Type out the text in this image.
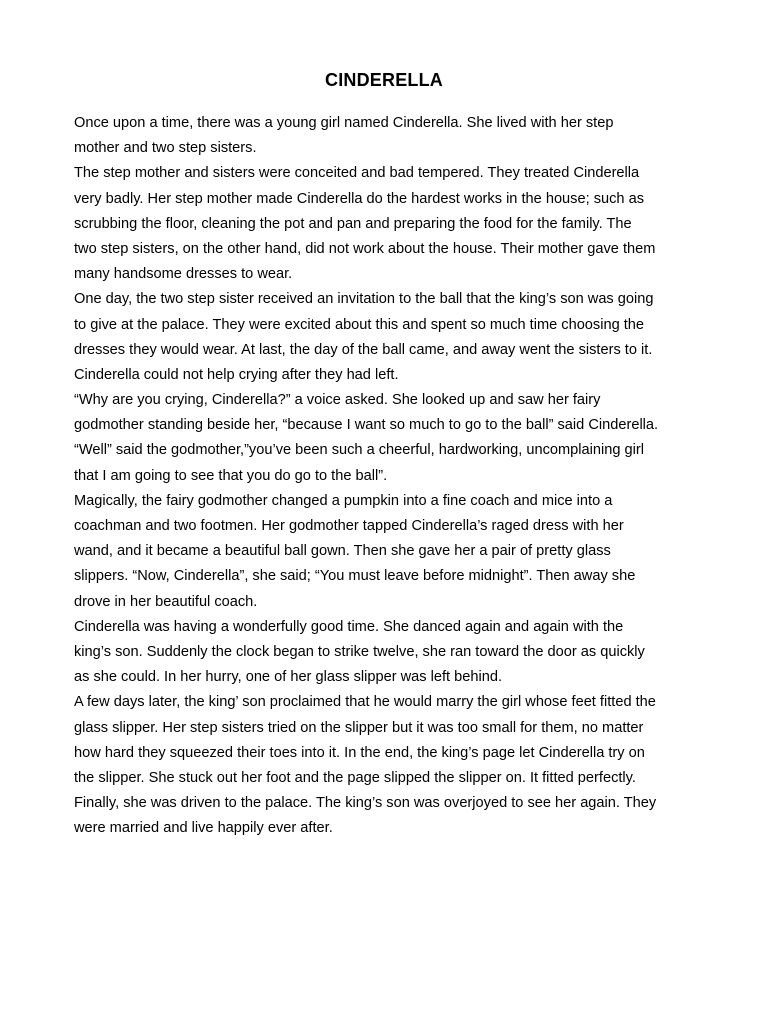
CINDERELLA

Once upon a time, there was a young girl named Cinderella. She lived with her step
mother and two step sisters.

The step mother and sisters were conceited and bad tempered. They treated Cinderella
very badly. Her step mother made Cinderella do the hardest works in the house; such as
scrubbing the floor, cleaning the pot and pan and preparing the food for the family. The
two step sisters, on the other hand, did not work about the house. Their mother gave them
many handsome dresses to wear.

One day, the two step sister received an invitation to the ball that the king’s son was going
to give at the palace. They were excited about this and spent so much time choosing the
dresses they would wear. At last, the day of the ball came, and away went the sisters to it.
Cinderella could not help crying after they had left.

“Why are you crying, Cinderella?” a voice asked. She looked up and saw her fairy
godmother standing beside her, “because I want so much to go to the ball” said Cinderella.
“Well” said the godmother,”you’ve been such a cheerful, hardworking, uncomplaining girl
that I am going to see that you do go to the ball”.

Magically, the fairy godmother changed a pumpkin into a fine coach and mice into a
coachman and two footmen. Her godmother tapped Cinderella’s raged dress with her
wand, and it became a beautiful ball gown. Then she gave her a pair of pretty glass
slippers. “Now, Cinderella”, she said; “You must leave before midnight”. Then away she
drove in her beautiful coach.

Cinderella was having a wonderfully good time. She danced again and again with the
king’s son. Suddenly the clock began to strike twelve, she ran toward the door as quickly
as she could. In her hurry, one of her glass slipper was left behind.

A few days later, the king’ son proclaimed that he would marry the girl whose feet fitted the
glass slipper. Her step sisters tried on the slipper but it was too small for them, no matter
how hard they squeezed their toes into it. In the end, the king’s page let Cinderella try on
the slipper. She stuck out her foot and the page slipped the slipper on. It fitted perfectly.
Finally, she was driven to the palace. The king’s son was overjoyed to see her again. They
were married and live happily ever after.
